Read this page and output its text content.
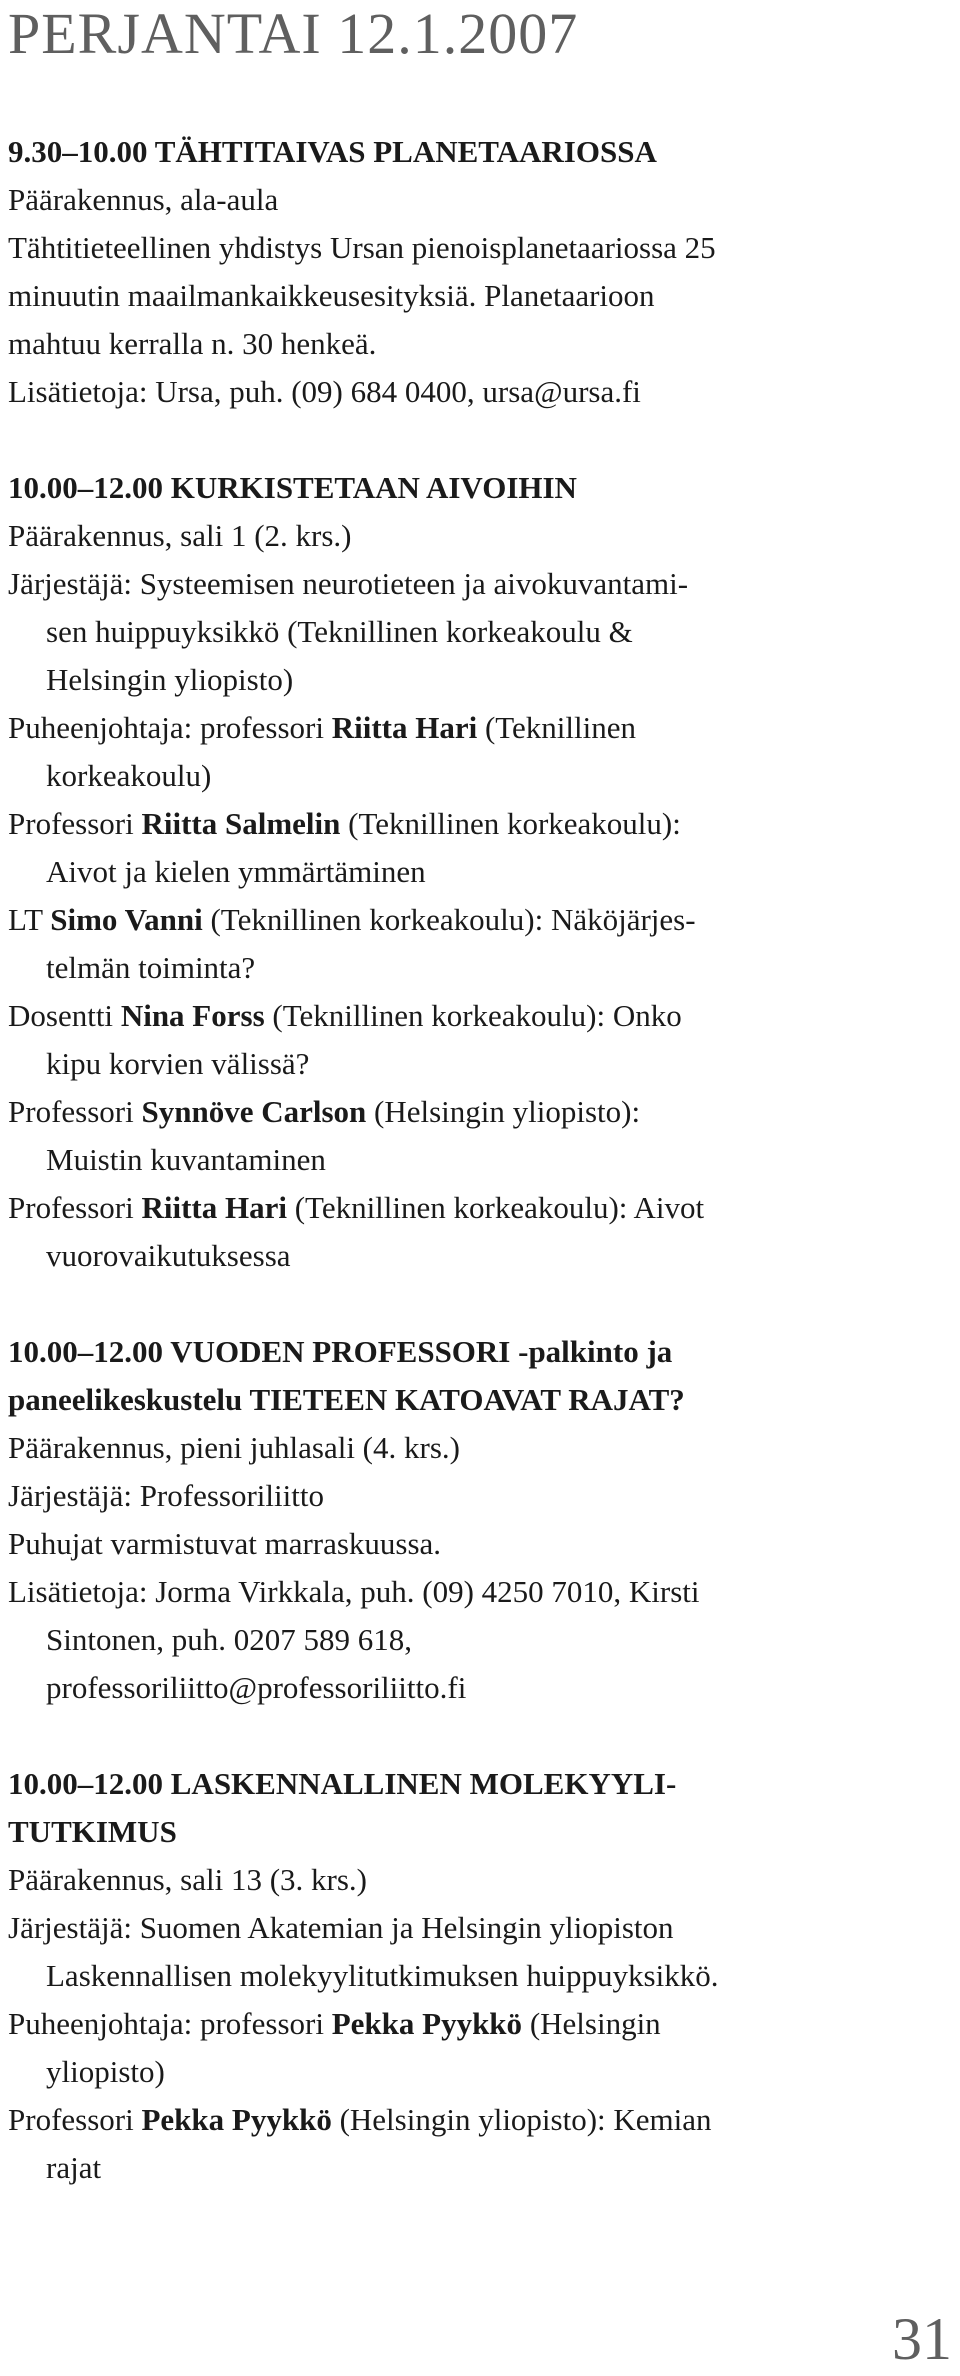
PERJANTAI 12.1.2007
9.30–10.00 TÄHTITAIVAS PLANETAARIOSSA
Päärakennus, ala-aula
Tähtitieteellinen yhdistys Ursan pienoisplanetaariossa 25
minuutin maailmankaikkeusesityksiä. Planetaarioon
mahtuu kerralla n. 30 henkeä.
Lisätietoja: Ursa, puh. (09) 684 0400, ursa@ursa.fi
10.00–12.00 KURKISTETAAN AIVOIHIN
Päärakennus, sali 1 (2. krs.)
Järjestäjä: Systeemisen neurotieteen ja aivokuvantami-
sen huippuyksikkö (Teknillinen korkeakoulu &
Helsingin yliopisto)
Puheenjohtaja: professori Riitta Hari (Teknillinen
korkeakoulu)
Professori Riitta Salmelin (Teknillinen korkeakoulu):
Aivot ja kielen ymmärtäminen
LT Simo Vanni (Teknillinen korkeakoulu): Näköjärjes-
telmän toiminta?
Dosentti Nina Forss (Teknillinen korkeakoulu): Onko
kipu korvien välissä?
Professori Synnöve Carlson (Helsingin yliopisto):
Muistin kuvantaminen
Professori Riitta Hari (Teknillinen korkeakoulu): Aivot
vuorovaikutuksessa
10.00–12.00 VUODEN PROFESSORI -palkinto ja
paneelikeskustelu TIETEEN KATOAVAT RAJAT?
Päärakennus, pieni juhlasali (4. krs.)
Järjestäjä: Professoriliitto
Puhujat varmistuvat marraskuussa.
Lisätietoja: Jorma Virkkala, puh. (09) 4250 7010, Kirsti
Sintonen, puh. 0207 589 618,
professoriliitto@professoriliitto.fi
10.00–12.00 LASKENNALLINEN MOLEKYYLI-
TUTKIMUS
Päärakennus, sali 13 (3. krs.)
Järjestäjä: Suomen Akatemian ja Helsingin yliopiston
Laskennallisen molekyylitutkimuksen huippuyksikkö.
Puheenjohtaja: professori Pekka Pyykkö (Helsingin
yliopisto)
Professori Pekka Pyykkö (Helsingin yliopisto): Kemian
rajat
31
